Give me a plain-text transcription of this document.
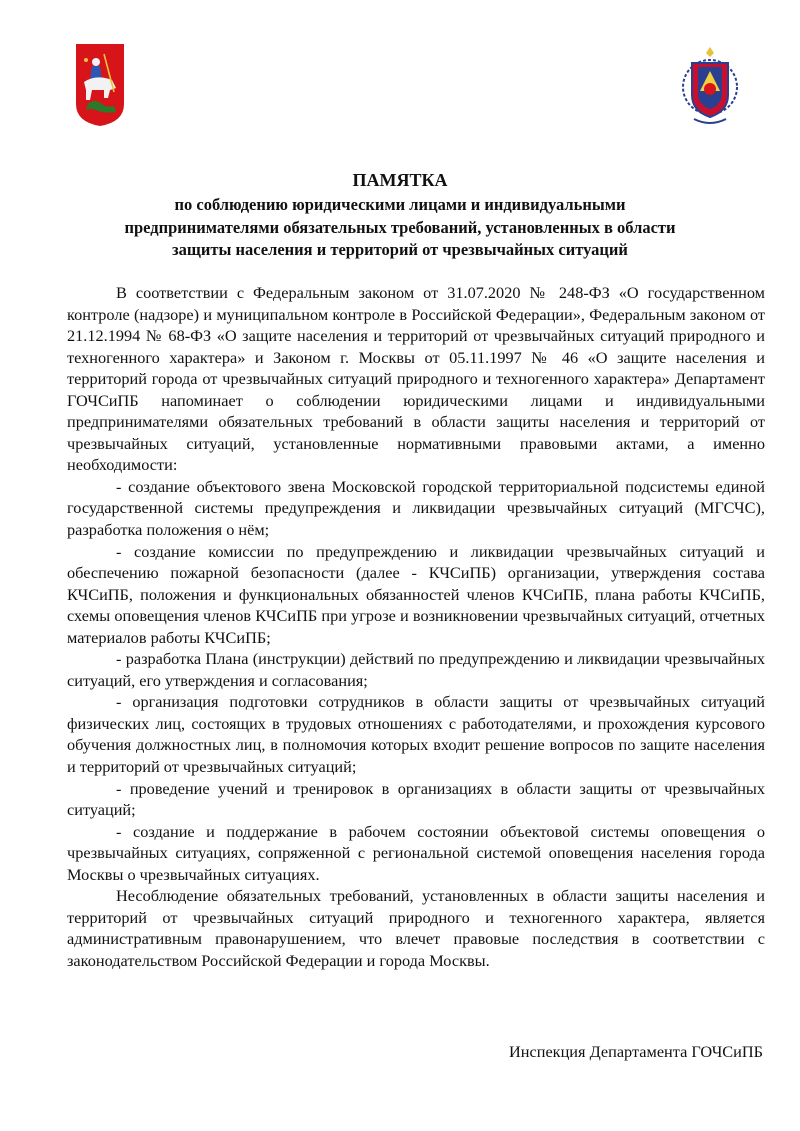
ПАМЯТКА

по соблюдению юридическими лицами и индивидуальными

предпринимателями обязательных требований, установленных в области

защиты населения и территорий от чрезвычайных ситуаций

В соответствии с Федеральным законом от 31.07.2020 № 248-ФЗ «О государственном контроле (надзоре) и муниципальном контроле в Российской Федерации», Федеральным законом от 21.12.1994 № 68-ФЗ «О защите населения и территорий от чрезвычайных ситуаций природного и техногенного характера» и Законом г. Москвы от 05.11.1997 № 46 «О защите населения и территорий города от чрезвычайных ситуаций природного и техногенного характера» Департамент ГОЧСиПБ напоминает о соблюдении юридическими лицами и индивидуальными предпринимателями обязательных требований в области защиты населения и территорий от чрезвычайных ситуаций, установленные нормативными правовыми актами, а именно необходимости:

- создание объектового звена Московской городской территориальной подсистемы единой государственной системы предупреждения и ликвидации чрезвычайных ситуаций (МГСЧС), разработка положения о нём;

- создание комиссии по предупреждению и ликвидации чрезвычайных ситуаций и обеспечению пожарной безопасности (далее - КЧСиПБ) организации, утверждения состава КЧСиПБ, положения и функциональных обязанностей членов КЧСиПБ, плана работы КЧСиПБ, схемы оповещения членов КЧСиПБ при угрозе и возникновении чрезвычайных ситуаций, отчетных материалов работы КЧСиПБ;

- разработка Плана (инструкции) действий по предупреждению и ликвидации чрезвычайных ситуаций, его утверждения и согласования;

- организация подготовки сотрудников в области защиты от чрезвычайных ситуаций физических лиц, состоящих в трудовых отношениях с работодателями, и прохождения курсового обучения должностных лиц, в полномочия которых входит решение вопросов по защите населения и территорий от чрезвычайных ситуаций;

- проведение учений и тренировок в организациях в области защиты от чрезвычайных ситуаций;

- создание и поддержание в рабочем состоянии объектовой системы оповещения о чрезвычайных ситуациях, сопряженной с региональной системой оповещения населения города Москвы о чрезвычайных ситуациях.

Несоблюдение обязательных требований, установленных в области защиты населения и территорий от чрезвычайных ситуаций природного и техногенного характера, является административным правонарушением, что влечет правовые последствия в соответствии с законодательством Российской Федерации и города Москвы.

Инспекция Департамента ГОЧСиПБ
